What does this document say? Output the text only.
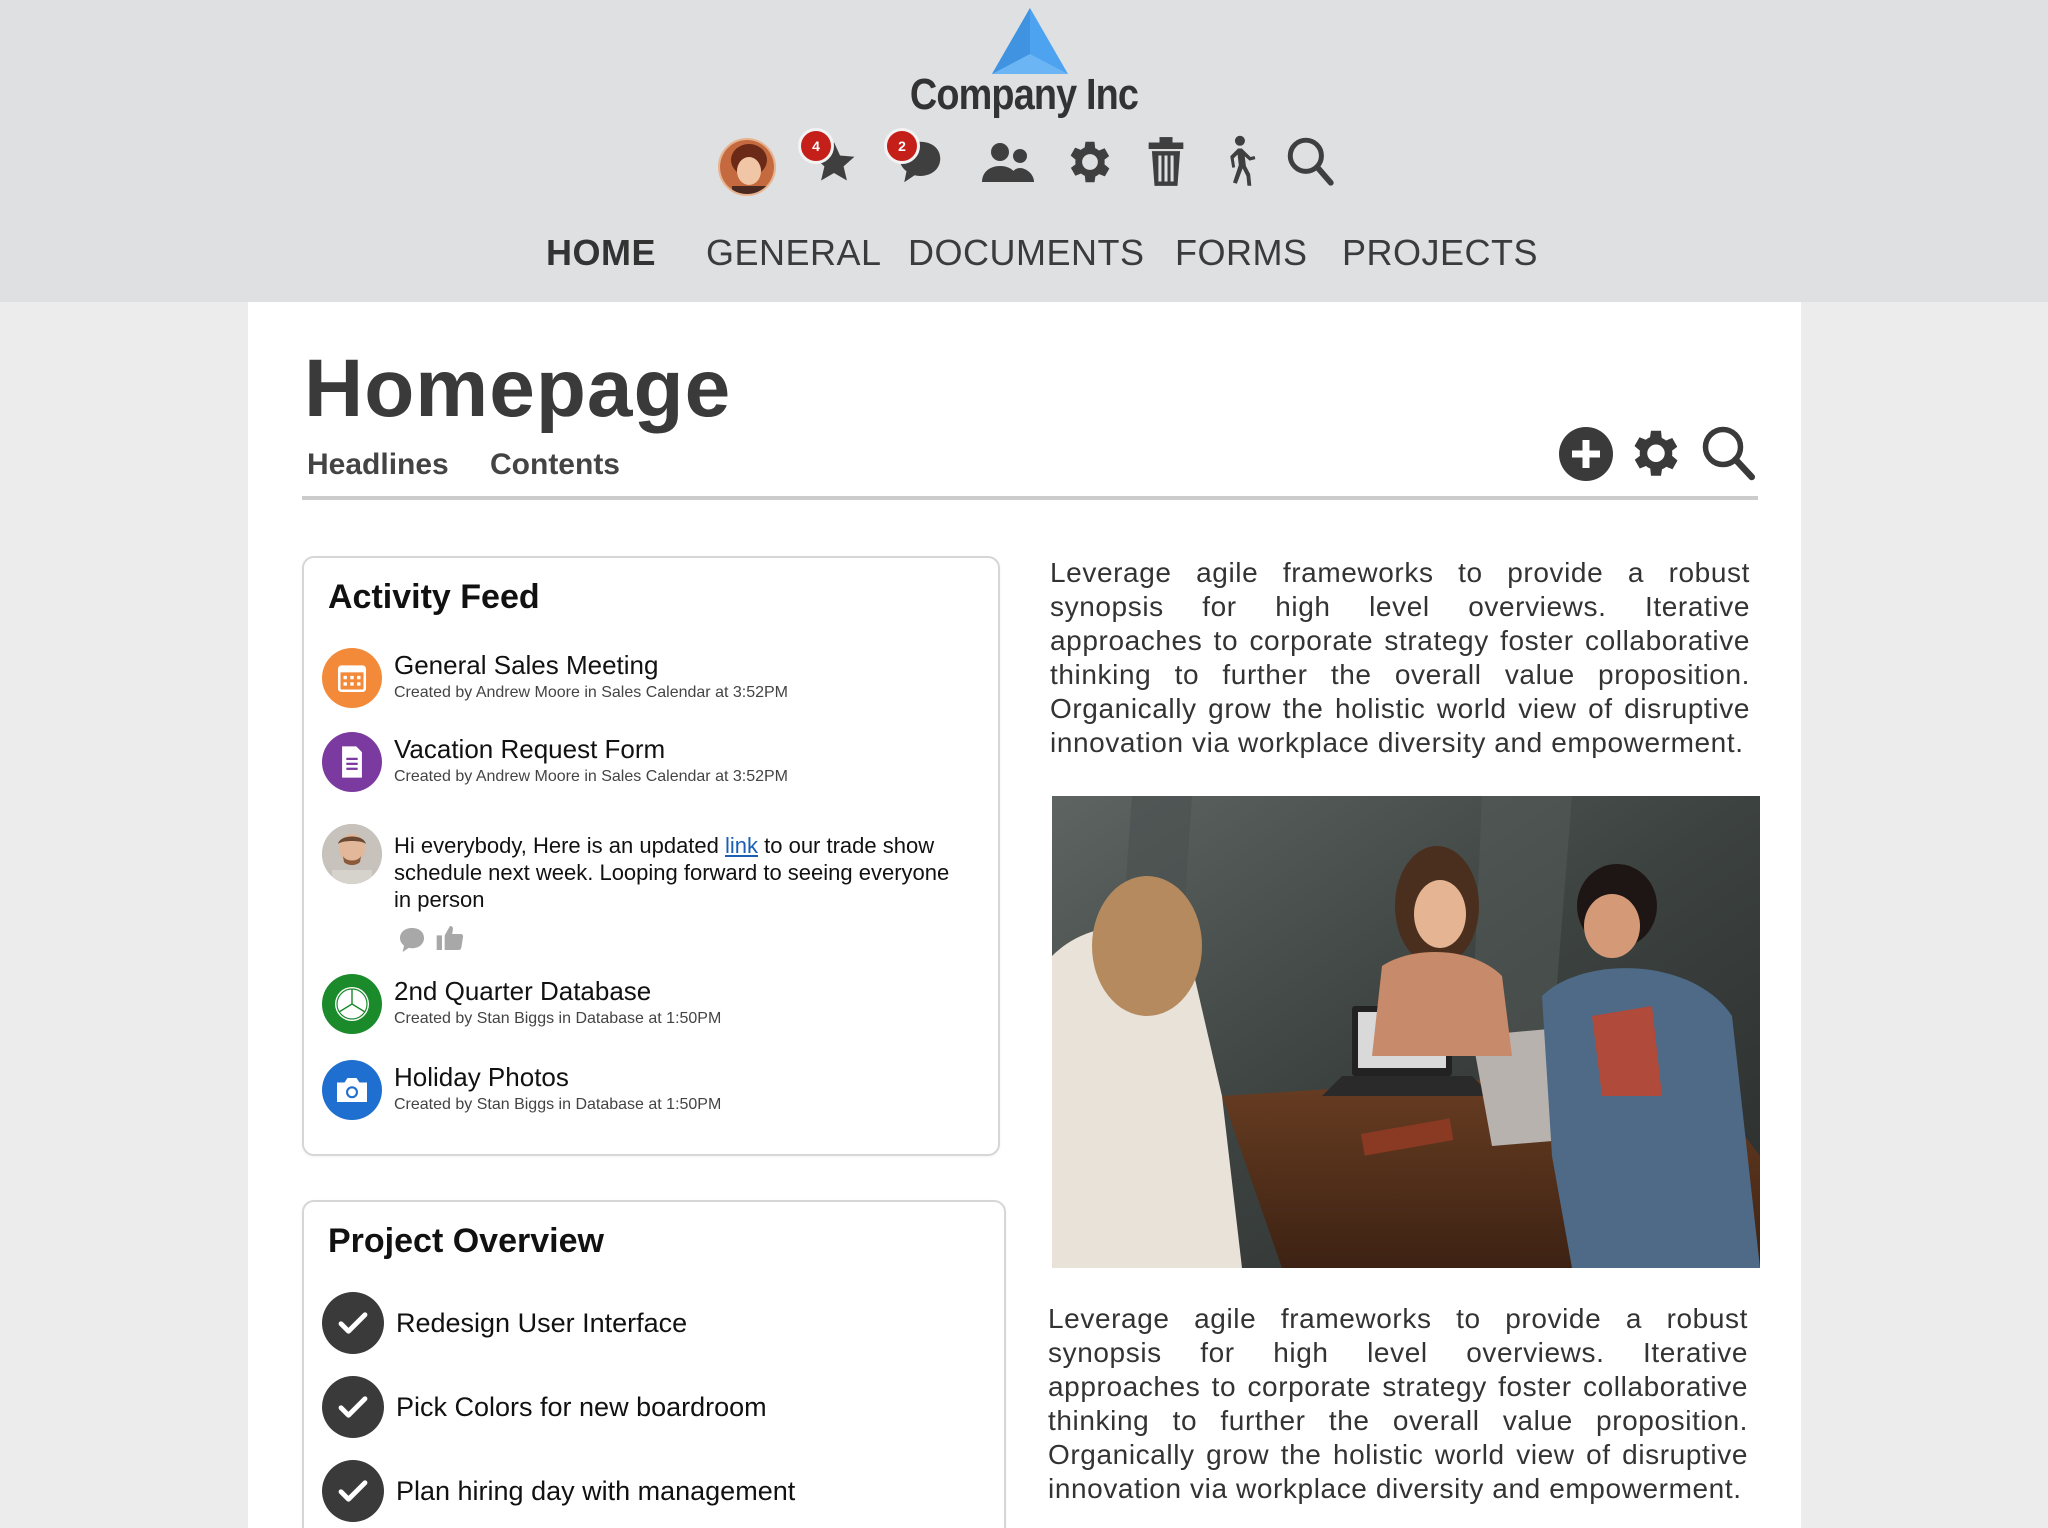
Company Inc
4	2
HOME GENERAL DOCUMENTS FORMS PROJECTS
Homepage
Headlines Contents
Activity Feed
General Sales Meeting
Created by Andrew Moore in Sales Calendar at 3:52PM
Vacation Request Form
Created by Andrew Moore in Sales Calendar at 3:52PM
Hi everybody, Here is an updated link to our trade show schedule next week. Looping forward to seeing everyone in person
2nd Quarter Database
Created by Stan Biggs in Database at 1:50PM
Holiday Photos
Created by Stan Biggs in Database at 1:50PM
Project Overview
Redesign User Interface
Pick Colors for new boardroom
Plan hiring day with management
Leverage agile frameworks to provide a robust synopsis for high level overviews. Iterative approaches to corporate strategy foster collaborative thinking to further the overall value proposition. Organically grow the holistic world view of disruptive innovation via workplace diversity and empowerment.
Leverage agile frameworks to provide a robust synopsis for high level overviews. Iterative approaches to corporate strategy foster collaborative thinking to further the overall value proposition. Organically grow the holistic world view of disruptive innovation via workplace diversity and empowerment.
